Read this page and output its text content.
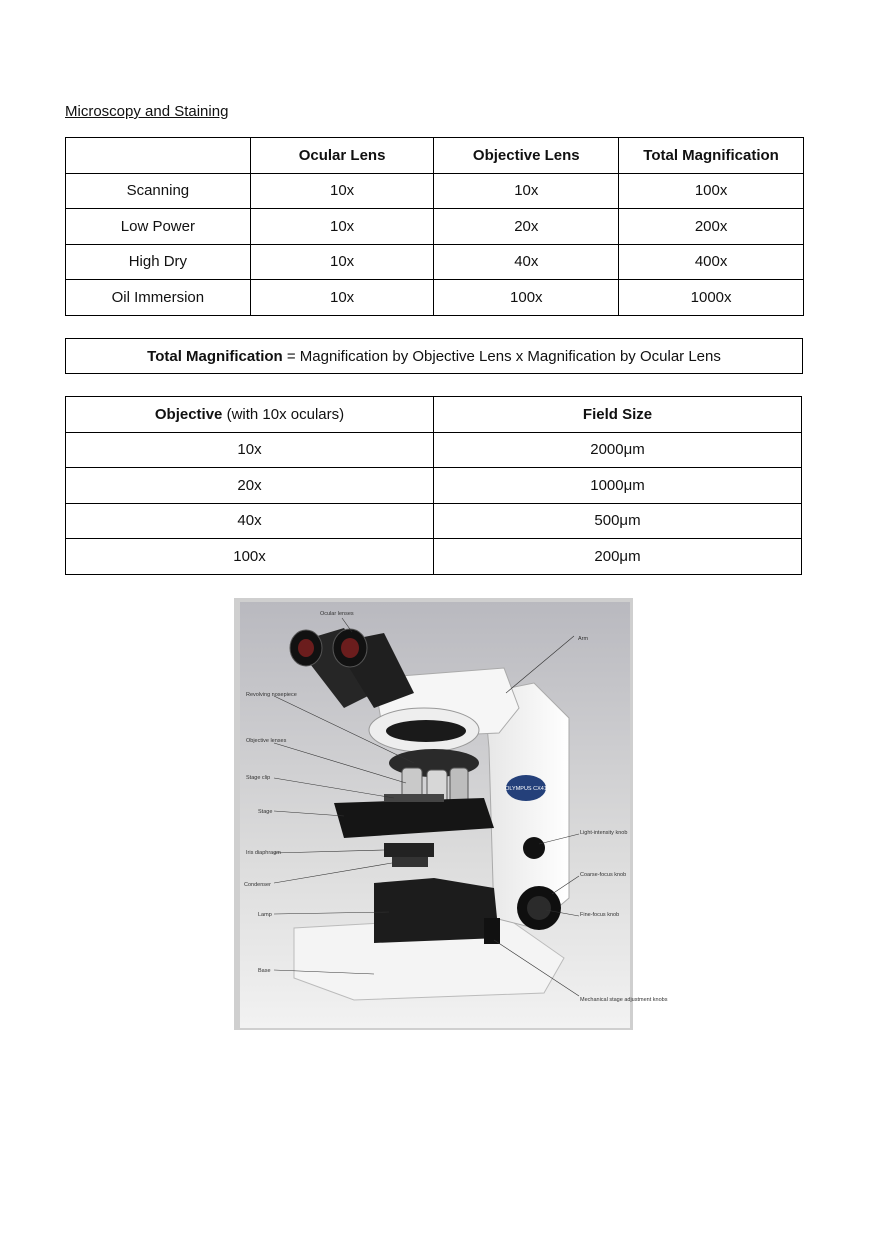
Microscopy and Staining
	Ocular Lens	Objective Lens	Total Magnification
Scanning	10x	10x	100x
Low Power	10x	20x	200x
High Dry	10x	40x	400x
Oil Immersion	10x	100x	1000x
Total Magnification = Magnification by Objective Lens x Magnification by Ocular Lens
Objective (with 10x oculars)	Field Size
10x	2000μm
20x	1000μm
40x	500μm
100x	200μm
OLYMPUS CX41
Ocular lenses
Arm
Revolving nosepiece
Objective lenses
Stage clip
Stage
Iris diaphragm
Condenser
Lamp
Base
Light-intensity knob
Coarse-focus knob
Fine-focus knob
Mechanical stage adjustment knobs
